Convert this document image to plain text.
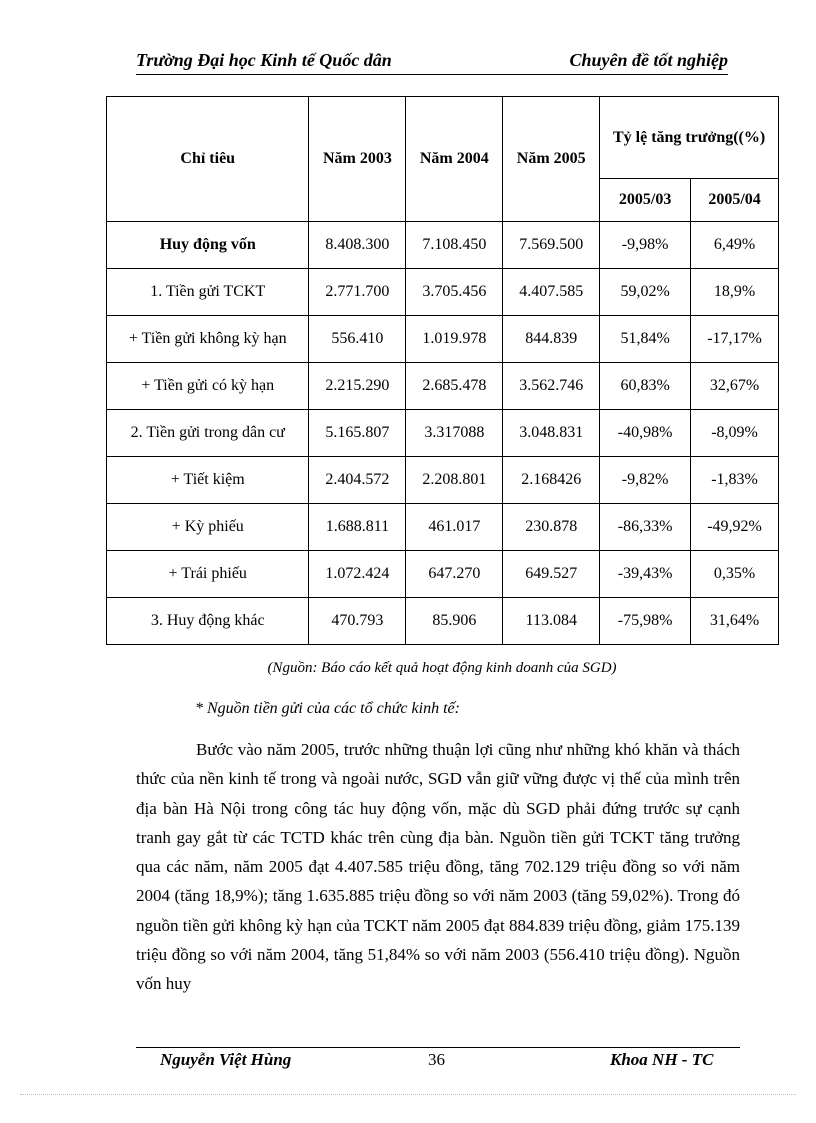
Trường Đại học Kinh tế Quốc dân	Chuyên đề tốt nghiệp
Chỉ tiêu	Năm 2003	Năm 2004	Năm 2005	Tỷ lệ tăng trưởng((%)	
				2005/03	2005/04
Huy động vốn	8.408.300	7.108.450	7.569.500	-9,98%	6,49%
1. Tiền gửi TCKT	2.771.700	3.705.456	4.407.585	59,02%	18,9%
+ Tiền gửi không kỳ hạn	556.410	1.019.978	844.839	51,84%	-17,17%
+ Tiền gửi có kỳ hạn	2.215.290	2.685.478	3.562.746	60,83%	32,67%
2. Tiền gửi trong dân cư	5.165.807	3.317088	3.048.831	-40,98%	-8,09%
+ Tiết kiệm	2.404.572	2.208.801	2.168426	-9,82%	-1,83%
+ Kỳ phiếu	1.688.811	461.017	230.878	-86,33%	-49,92%
+ Trái phiếu	1.072.424	647.270	649.527	-39,43%	0,35%
3. Huy động khác	470.793	85.906	113.084	-75,98%	31,64%
(Nguồn: Báo cáo kết quả hoạt động kinh doanh của SGD)
* Nguồn tiền gửi của các tổ chức kinh tế:

Bước vào năm 2005, trước những thuận lợi cũng như những khó khăn và thách thức của nền kinh tế trong và ngoài nước, SGD vẫn giữ vững được vị thế của mình trên địa bàn Hà Nội trong công tác huy động vốn, mặc dù SGD phải đứng trước sự cạnh tranh gay gắt từ các TCTD khác trên cùng địa bàn. Nguồn tiền gửi TCKT tăng trưởng qua các năm, năm 2005 đạt 4.407.585 triệu đồng, tăng 702.129 triệu đồng so với năm 2004 (tăng 18,9%); tăng 1.635.885 triệu đồng so với năm 2003 (tăng 59,02%). Trong đó nguồn tiền gửi không kỳ hạn của TCKT năm 2005 đạt 884.839 triệu đồng, giảm 175.139 triệu đồng so với năm 2004, tăng 51,84% so với năm 2003 (556.410 triệu đồng). Nguồn vốn huy

Nguyễn Việt Hùng	36	Khoa NH - TC
